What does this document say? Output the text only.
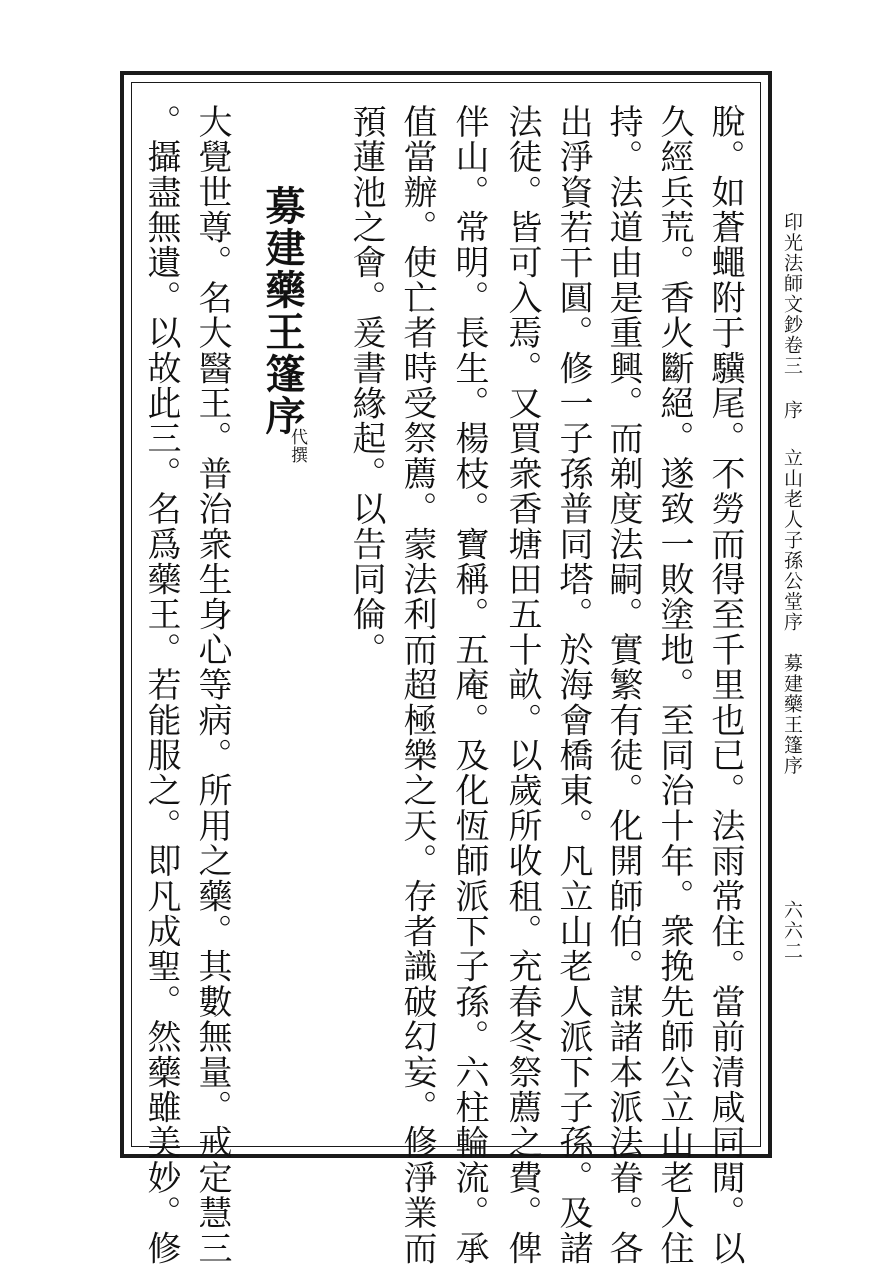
印光法師文鈔卷三
序
立山老人子孫公堂序　募建藥王篷序
六六二
脫。如蒼蠅附于驥尾。不勞而得至千里也已。法雨常住。當前清咸同閒。以
久經兵荒。香火斷絕。遂致一敗塗地。至同治十年。衆挽先師公立山老人住
持。法道由是重興。而剃度法嗣。實繁有徒。化開師伯。謀諸本派法眷。各
出淨資若干圓。修一子孫普同塔。於海會橋東。凡立山老人派下子孫。及諸
法徒。皆可入焉。又買衆香塘田五十畝。以歲所收租。充春冬祭薦之費。俾
伴山。常明。長生。楊枝。寶稱。五庵。及化恆師派下子孫。六柱輪流。承
值當辦。使亡者時受祭薦。蒙法利而超極樂之天。存者識破幻妄。修淨業而
預蓮池之會。爰書緣起。以告同倫。
募建藥王篷序
代撰
大覺世尊。名大醫王。普治衆生身心等病。所用之藥。其數無量。戒定慧三
。攝盡無遺。以故此三。名爲藥王。若能服之。即凡成聖。然藥雖美妙。修
